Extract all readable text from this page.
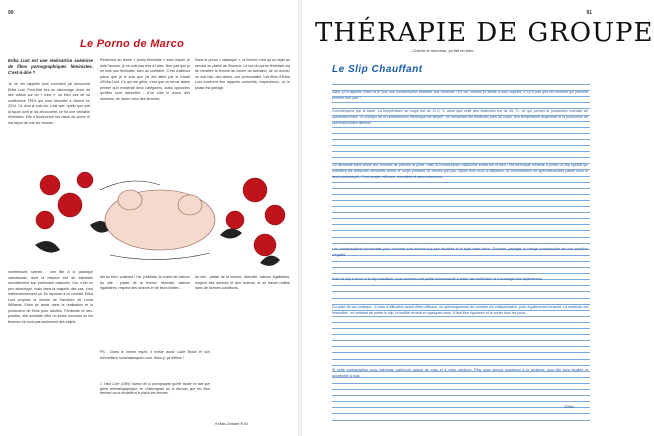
90
Le Porno de Marco
Erika Lust est une réalisatrice suédoise de films pornographiques féministes. C'est-à-dire ?
Je ne me rappelle plus comment j'ai découvert Erika Lust. Peut-être lors du visionnage d'une de ses vidéos sur un « tube », ou bien lors de sa conférence TEDx qui s'est déroulée à Vienne en 2014. Ce dont je suis sûr, c'est que, quelle que soit la façon dont je l'ai découverte, ce fut une véritable révélation. Elle a bouleversé ma vision du porno et ma façon de voir les choses...
Revenons au terme « porno féministe » avec lequel, je dois l'avouer, je ne suis pas très à l'aise. Non pas que je ne sois pas féministe, bien au contraire. C'est d'ailleurs parce que je le suis que j'ai été attiré par le travail d'Erika Lust. Ce qui me gêne, c'est que ce terme laisse penser qu'il existerait deux catégories, aussi opposées qu'elles sont naturelles : d'un côté le porno des hommes, de l'autre celui des femmes.
Dans le porno « classique », la femme n'est qu'un objet au service du plaisir de l'homme. Le but du porno féministe est de remettre la femme au centre du scénario, de lui donner un vrai rôle, des désirs, une personnalité. Les films d'Erika Lust montrent des rapports consentis, respectueux, où le plaisir est partagé.
nombreuses scènes : une fille à la plastique caricaturale, dont la mission est de satisfaire sexuellement son partenaire masculin. Oui, c'est un peu stéréotypé, mais dans la majorité des cas, c'est malheureusement ça. En réponse à ce constat, Erika Lust propose la lecture de Hardcore de Linda Williams. Erika se lance dans la réalisation et la production de films pour adultes. Féministe et sex-positive, elle souhaite offrir un porno nouveau où les femmes ne sont pas seulement des objets.
fait du bien, vraiment ! Ha, j'oubliais, la charte de valeurs du site : plaisir de la femme, diversité, valeurs égalitaires, respect des acteurs et de leurs limites...
du site : plaisir de la femme, diversité, valeurs égalitaires, respect des actrices et des acteurs, et un travail réalisé dans de bonnes conditions.
PS : Dans le même esprit, il existe aussi Lucie Blush et son merveilleux luciemakesporn.com. Allez-y, ça défrise !
1. Hard Core (1989) l'auteur de la pornographie qu'elle étudie en tant que genre cinématographique, en s'interrogeant sur le discours que ces films tiennent sur la sexualité et le plaisir des femmes.
● Marc-Antoine R.92
91
THÉRAPIE DE GROUPE
- Crache le morceau, ça fait du bien -
Le Slip Chauffant
Salut, je m'appelle Gilles et je suis une contraception destinée aux hommes ! Eh oui, comme je disais à mes copines, il n'y a pas que les femmes qui peuvent prendre leur part !
Commençons par la base. La température du corps est de 37,0 °C alors que celle des testicules est de 35 °C, ce qui permet la production normale de spermatozoïdes. Le principe de la contraception thermique est simple : en remontant les testicules près du corps, leur température augmente et la production de spermatozoïdes diminue.
On demande sans cesse aux femmes de prendre la pilule, mais la contraception masculine existe bel et bien ! Ma technique consiste à porter un slip spécial qui maintient les testicules remontés contre le corps pendant 15 heures par jour. Après trois mois d'utilisation, la concentration de spermatozoïdes passe sous le seuil contraceptif. C'est simple, efficace, réversible et sans hormones.
Les contraceptions hormonales pour hommes sont encore trop peu étudiées et le sujet reste tabou. Pourtant, partager la charge contraceptive est une question d'égalité.
Entre le slip à trous et le slip chauffant, nous sommes une petite communauté à tester ces méthodes et à échanger nos expériences.
Du point de vue pratique : 3 mois d'utilisation avant d'être efficace, un spermogramme de contrôle est indispensable, puis régulièrement ensuite. La méthode est réversible : en arrêtant de porter le slip, la fertilité revient en quelques mois. Il faut être rigoureux et le porter tous les jours.
Si cette contraception vous intéresse, parlez-en autour de vous et à votre médecin. Plus nous serons nombreux à la réclamer, plus elle sera étudiée et accessible à tous.
Gilles
